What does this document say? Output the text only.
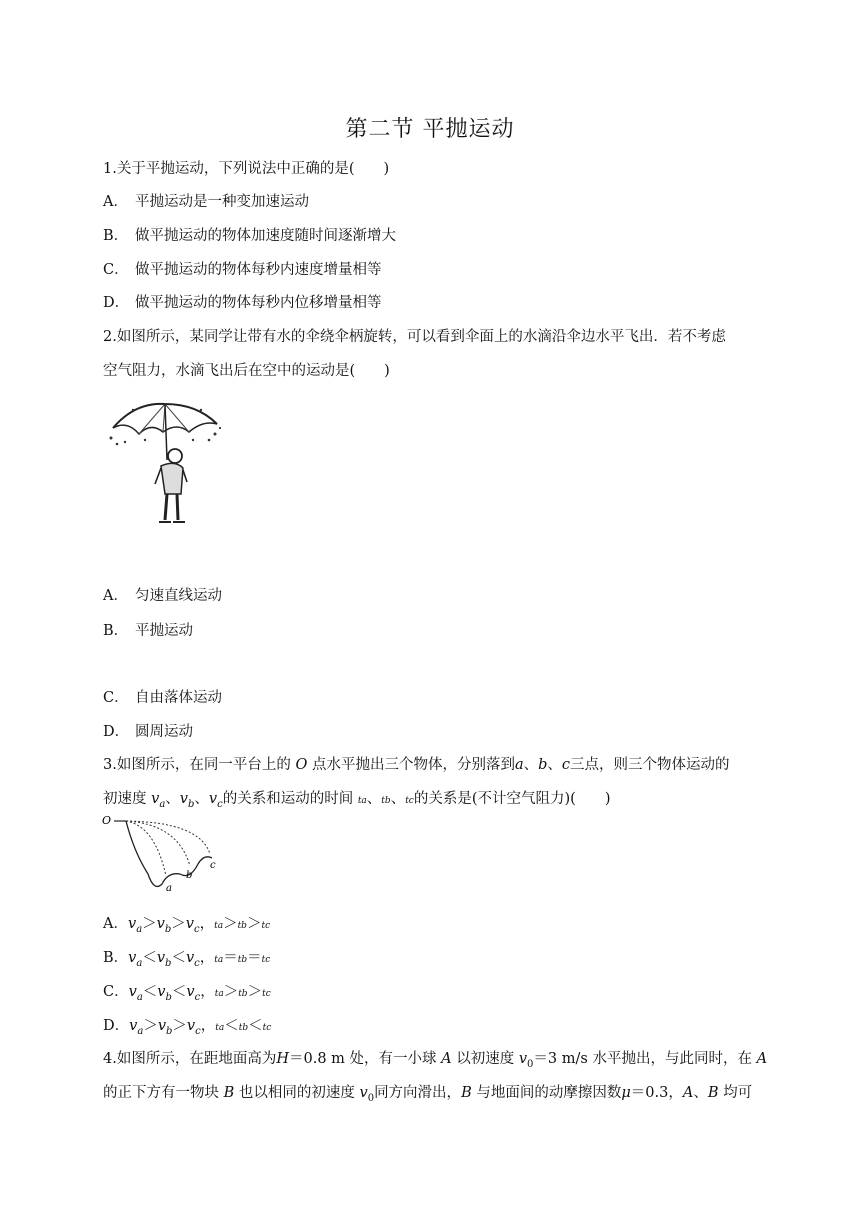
第二节 平抛运动
1.关于平抛运动，下列说法中正确的是(　　)
A． 平抛运动是一种变加速运动
B． 做平抛运动的物体加速度随时间逐渐增大
C． 做平抛运动的物体每秒内速度增量相等
D． 做平抛运动的物体每秒内位移增量相等
2.如图所示，某同学让带有水的伞绕伞柄旋转，可以看到伞面上的水滴沿伞边水平飞出．若不考虑
空气阻力，水滴飞出后在空中的运动是(　　)
A． 匀速直线运动
B． 平抛运动
C． 自由落体运动
D． 圆周运动
3.如图所示，在同一平台上的 O 点水平抛出三个物体，分别落到a、b、c三点，则三个物体运动的
初速度 $v_a$、$v_b$、$v_c$的关系和运动的时间 ta、tb、tc的关系是(不计空气阻力)(　　)
O
a
b
c
A．$v_a>v_b>v_c$，ta＞tb＞tc
B．$v_a<v_b<v_c$，ta＝tb＝tc
C．$v_a<v_b<v_c$，ta＞tb＞tc
D．$v_a>v_b>v_c$，ta＜tb＜tc
4.如图所示，在距地面高为H＝0.8 m 处，有一小球 A 以初速度 $v_0=3$ m/s 水平抛出，与此同时，在 A
的正下方有一物块 B 也以相同的初速度 $v_0$同方向滑出，B 与地面间的动摩擦因数μ＝0.3，A、B 均可
